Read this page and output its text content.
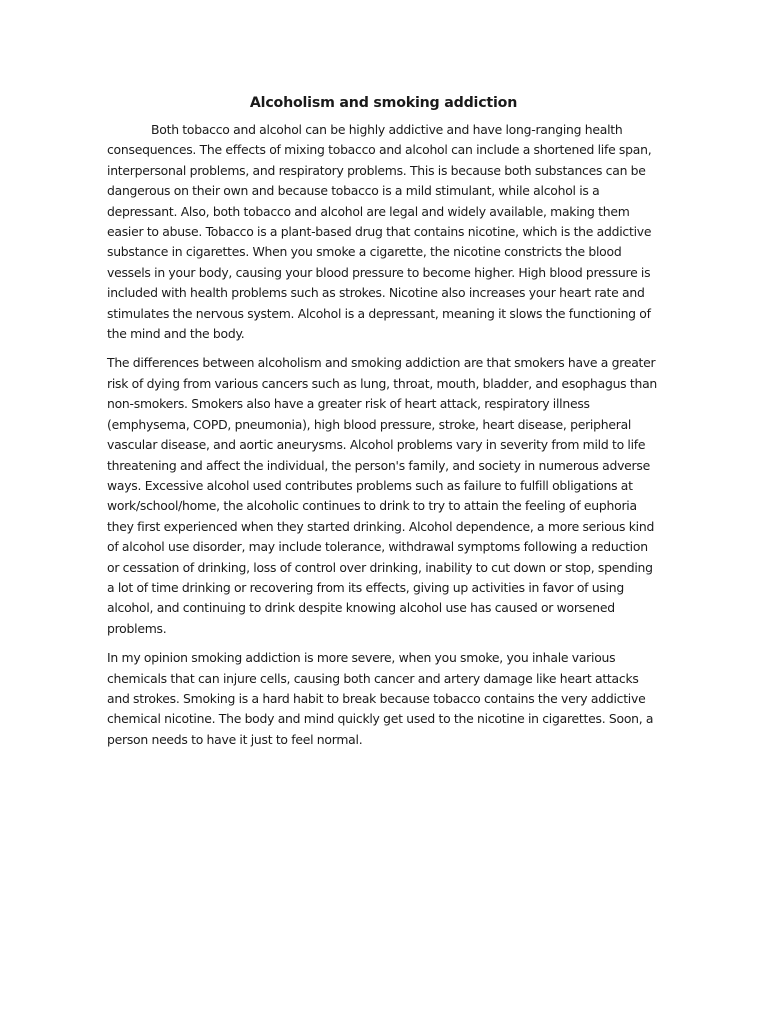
Alcoholism and smoking addiction

Both tobacco and alcohol can be highly addictive and have long-ranging health consequences. The effects of mixing tobacco and alcohol can include a shortened life span, interpersonal problems, and respiratory problems. This is because both substances can be dangerous on their own and because tobacco is a mild stimulant, while alcohol is a depressant. Also, both tobacco and alcohol are legal and widely available, making them easier to abuse. Tobacco is a plant-based drug that contains nicotine, which is the addictive substance in cigarettes. When you smoke a cigarette, the nicotine constricts the blood vessels in your body, causing your blood pressure to become higher. High blood pressure is included with health problems such as strokes. Nicotine also increases your heart rate and stimulates the nervous system. Alcohol is a depressant, meaning it slows the functioning of the mind and the body.

The differences between alcoholism and smoking addiction are that smokers have a greater risk of dying from various cancers such as lung, throat, mouth, bladder, and esophagus than non-smokers. Smokers also have a greater risk of heart attack, respiratory illness (emphysema, COPD, pneumonia), high blood pressure, stroke, heart disease, peripheral vascular disease, and aortic aneurysms. Alcohol problems vary in severity from mild to life threatening and affect the individual, the person's family, and society in numerous adverse ways. Excessive alcohol used contributes problems such as failure to fulfill obligations at work/school/home, the alcoholic continues to drink to try to attain the feeling of euphoria they first experienced when they started drinking. Alcohol dependence, a more serious kind of alcohol use disorder, may include tolerance, withdrawal symptoms following a reduction or cessation of drinking, loss of control over drinking, inability to cut down or stop, spending a lot of time drinking or recovering from its effects, giving up activities in favor of using alcohol, and continuing to drink despite knowing alcohol use has caused or worsened problems.

In my opinion smoking addiction is more severe, when you smoke, you inhale various chemicals that can injure cells, causing both cancer and artery damage like heart attacks and strokes. Smoking is a hard habit to break because tobacco contains the very addictive chemical nicotine. The body and mind quickly get used to the nicotine in cigarettes. Soon, a person needs to have it just to feel normal.
